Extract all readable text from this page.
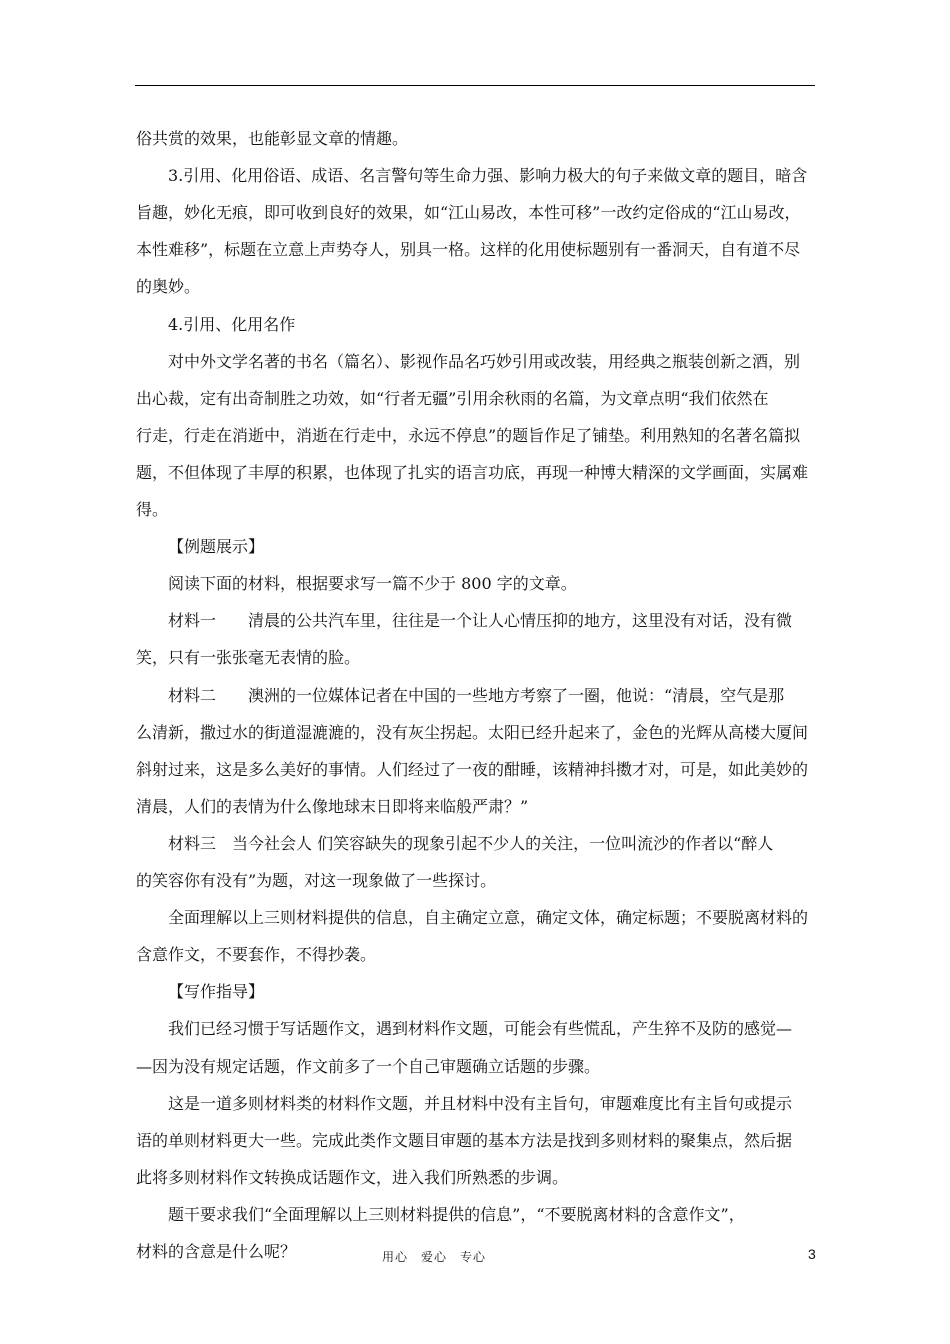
俗共赏的效果，也能彰显文章的情趣。
3.引用、化用俗语、成语、名言警句等生命力强、影响力极大的句子来做文章的题目，暗含
旨趣，妙化无痕，即可收到良好的效果，如“江山易改，本性可移”一改约定俗成的“江山易改，
本性难移”，标题在立意上声势夺人，别具一格。这样的化用使标题别有一番洞天，自有道不尽
的奥妙。
4.引用、化用名作
对中外文学名著的书名（篇名）、影视作品名巧妙引用或改装，用经典之瓶装创新之酒，别
出心裁，定有出奇制胜之功效，如“行者无疆”引用余秋雨的名篇，为文章点明“我们依然在
行走，行走在消逝中，消逝在行走中，永远不停息”的题旨作足了铺垫。利用熟知的名著名篇拟
题，不但体现了丰厚的积累，也体现了扎实的语言功底，再现一种博大精深的文学画面，实属难
得。
【例题展示】
阅读下面的材料，根据要求写一篇不少于 800 字的文章。
材料一　　清晨的公共汽车里，往往是一个让人心情压抑的地方，这里没有对话，没有微
笑，只有一张张毫无表情的脸。
材料二　　澳洲的一位媒体记者在中国的一些地方考察了一圈，他说：“清晨，空气是那
么清新，撒过水的街道湿漉漉的，没有灰尘拐起。太阳已经升起来了，金色的光辉从高楼大厦间
斜射过来，这是多么美好的事情。人们经过了一夜的酣睡，该精神抖擞才对，可是，如此美妙的
清晨，人们的表情为什么像地球末日即将来临般严肃？”
材料三　当今社会人 们笑容缺失的现象引起不少人的关注，一位叫流沙的作者以“醉人
的笑容你有没有”为题，对这一现象做了一些探讨。
全面理解以上三则材料提供的信息，自主确定立意，确定文体，确定标题；不要脱离材料的
含意作文，不要套作，不得抄袭。
【写作指导】
我们已经习惯于写话题作文，遇到材料作文题，可能会有些慌乱，产生猝不及防的感觉—
—因为没有规定话题，作文前多了一个自己审题确立话题的步骤。
这是一道多则材料类的材料作文题，并且材料中没有主旨句，审题难度比有主旨句或提示
语的单则材料更大一些。完成此类作文题目审题的基本方法是找到多则材料的聚集点，然后据
此将多则材料作文转换成话题作文，进入我们所熟悉的步调。
题干要求我们“全面理解以上三则材料提供的信息”，“不要脱离材料的含意作文”，
材料的含意是什么呢？	用心　爱心　专心	3
